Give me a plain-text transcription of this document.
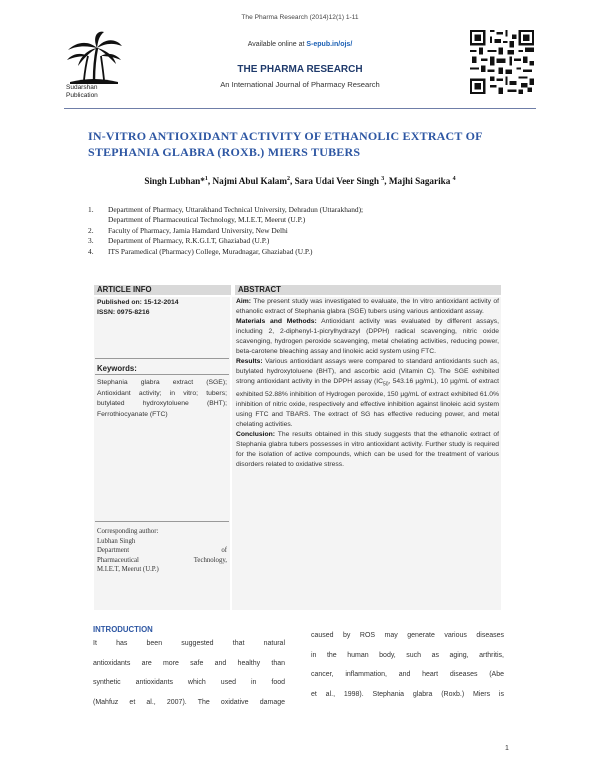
The Pharma Research (2014)12(1) 1-11
Sudarshan
Publication
Available online at S-epub.in/ojs/
THE PHARMA RESEARCH
An International Journal of Pharmacy Research
IN-VITRO ANTIOXIDANT ACTIVITY OF ETHANOLIC EXTRACT OF
STEPHANIA GLABRA (ROXB.) MIERS TUBERS
Singh Lubhan*$^1$, Najmi Abul Kalam$^2$, Sara Udai Veer Singh $^3$, Majhi Sagarika $^4$
1.	Department of Pharmacy, Uttarakhand Technical University, Dehradun (Uttarakhand);
Department of Pharmaceutical Technology, M.I.E.T, Meerut (U.P.)
2.	Faculty of Pharmacy, Jamia Hamdard University, New Delhi
3.	Department of Pharmacy, R.K.G.I.T, Ghaziabad (U.P.)
4.	ITS Paramedical (Pharmacy) College, Muradnagar, Ghaziabad (U.P.)
ARTICLE INFO	ABSTRACT
Published on: 15-12-2014
ISSN: 0975-8216
Keywords:
Stephania glabra extract (SGE); Antioxidant activity; in vitro; tubers; butylated hydroxytoluene (BHT); Ferrothiocyanate (FTC)
Corresponding author:
Lubhan Singh
Department of
Pharmaceutical Technology,
M.I.E.T, Meerut (U.P.)
Aim: The present study was investigated to evaluate, the In vitro antioxidant activity of ethanolic extract of Stephania glabra (SGE) tubers using various antioxidant assay.
Materials and Methods: Antioxidant activity was evaluated by different assays, including 2, 2-diphenyl-1-picrylhydrazyl (DPPH) radical scavenging, nitric oxide scavenging, hydrogen peroxide scavenging, metal chelating activities, reducing power, beta-carotene bleaching assay and linoleic acid system using FTC.
Results: Various antioxidant assays were compared to standard antioxidants such as, butylated hydroxytoluene (BHT), and ascorbic acid (Vitamin C). The SGE exhibited strong antioxidant activity in the DPPH assay ($IC_{50}$, 543.16 µg/mL), 10 µg/mL of extract exhibited 52.88% inhibition of Hydrogen peroxide, 150 µg/mL of extract exhibited 61.0% inhibition of nitric oxide, respectively and effective inhibition against linoleic acid system using FTC and TBARS. The extract of SG has effective reducing power, and metal chelating activities.
Conclusion: The results obtained in this study suggests that the ethanolic extract of Stephania glabra tubers possesses in vitro antioxidant activity. Further study is required for the isolation of active compounds, which can be used for the treatment of various disorders related to oxidative stress.
INTRODUCTION
It has been suggested that natural
antioxidants are more safe and healthy than
synthetic antioxidants which used in food
(Mahfuz et al., 2007). The oxidative damage
caused by ROS may generate various diseases
in the human body, such as aging, arthritis,
cancer, inflammation, and heart diseases (Abe
et al., 1998). Stephania glabra (Roxb.) Miers is
1
